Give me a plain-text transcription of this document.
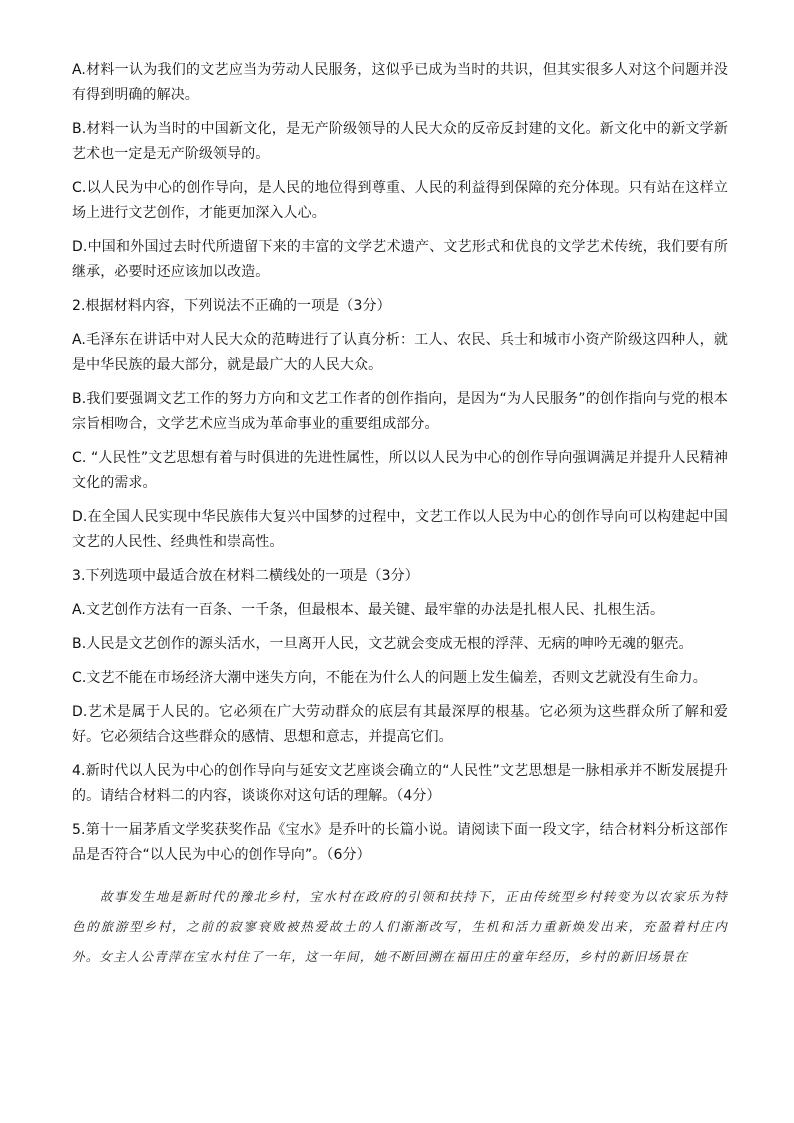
A.材料一认为我们的文艺应当为劳动人民服务，这似乎已成为当时的共识，但其实很多人对这个问题并没有得到明确的解决。

B.材料一认为当时的中国新文化，是无产阶级领导的人民大众的反帝反封建的文化。新文化中的新文学新艺术也一定是无产阶级领导的。

C.以人民为中心的创作导向，是人民的地位得到尊重、人民的利益得到保障的充分体现。只有站在这样立场上进行文艺创作，才能更加深入人心。

D.中国和外国过去时代所遗留下来的丰富的文学艺术遗产、文艺形式和优良的文学艺术传统，我们要有所继承，必要时还应该加以改造。

2.根据材料内容，下列说法不正确的一项是（3分）

A.毛泽东在讲话中对人民大众的范畴进行了认真分析：工人、农民、兵士和城市小资产阶级这四种人，就是中华民族的最大部分，就是最广大的人民大众。

B.我们要强调文艺工作的努力方向和文艺工作者的创作指向，是因为“为人民服务”的创作指向与党的根本宗旨相吻合，文学艺术应当成为革命事业的重要组成部分。

C. “人民性”文艺思想有着与时俱进的先进性属性，所以以人民为中心的创作导向强调满足并提升人民精神文化的需求。

D.在全国人民实现中华民族伟大复兴中国梦的过程中，文艺工作以人民为中心的创作导向可以构建起中国文艺的人民性、经典性和崇高性。

3.下列选项中最适合放在材料二横线处的一项是（3分）

A.文艺创作方法有一百条、一千条，但最根本、最关键、最牢靠的办法是扎根人民、扎根生活。

B.人民是文艺创作的源头活水，一旦离开人民，文艺就会变成无根的浮萍、无病的呻吟无魂的躯壳。

C.文艺不能在市场经济大潮中迷失方向，不能在为什么人的问题上发生偏差，否则文艺就没有生命力。

D.艺术是属于人民的。它必须在广大劳动群众的底层有其最深厚的根基。它必须为这些群众所了解和爱好。它必须结合这些群众的感情、思想和意志，并提高它们。

4.新时代以人民为中心的创作导向与延安文艺座谈会确立的“人民性”文艺思想是一脉相承并不断发展提升的。请结合材料二的内容，谈谈你对这句话的理解。（4分）

5.第十一届茅盾文学奖获奖作品《宝水》是乔叶的长篇小说。请阅读下面一段文字，结合材料分析这部作品是否符合“以人民为中心的创作导向”。（6分）

故事发生地是新时代的豫北乡村，宝水村在政府的引领和扶持下，正由传统型乡村转变为以农家乐为特色的旅游型乡村，之前的寂寥衰败被热爱故土的人们渐渐改写，生机和活力重新焕发出来，充盈着村庄内外。女主人公青萍在宝水村住了一年，这一年间，她不断回溯在福田庄的童年经历，乡村的新旧场景在
